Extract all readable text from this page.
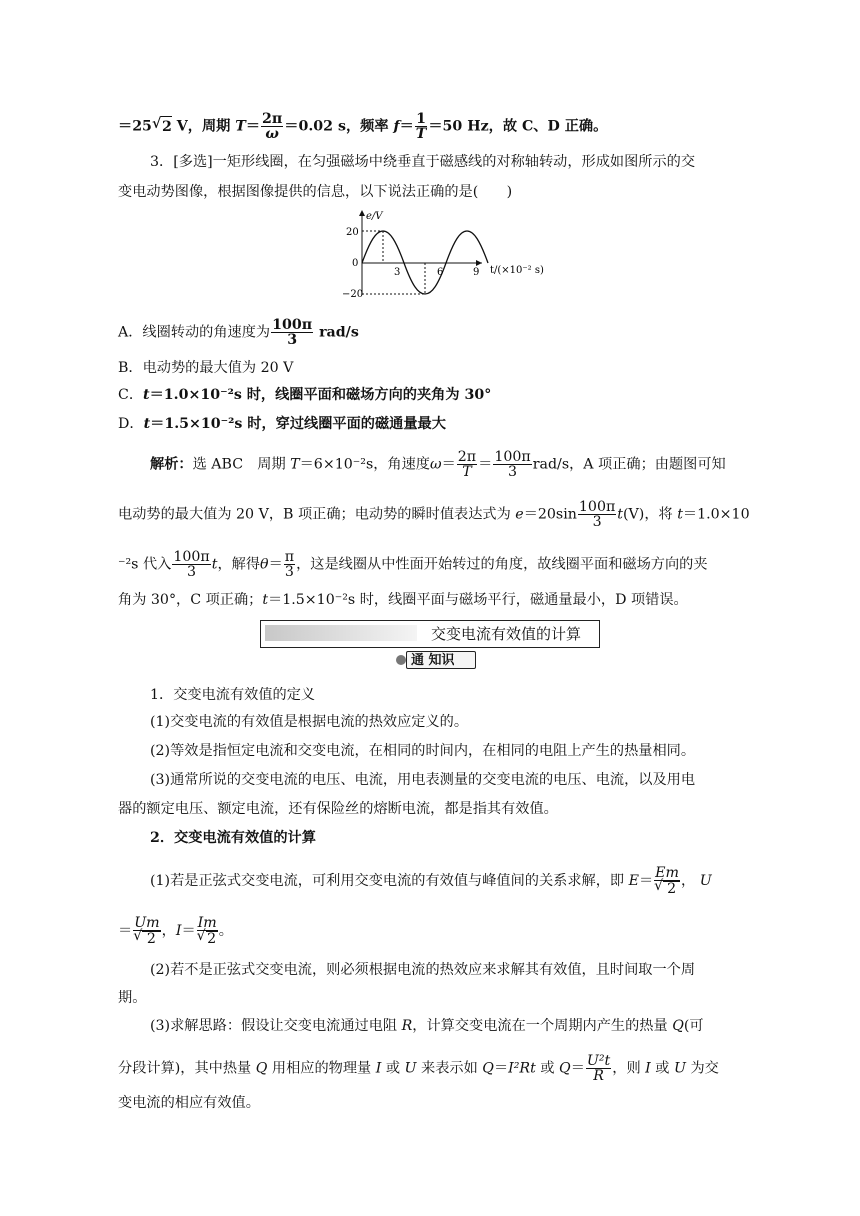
＝25√ 2 V，周期 $T= \frac{2\pi}{\omega} =0.02$ s，频率 $f= \frac{1}{T} =50$ Hz，故 C、D 正确。
3．[多选]一矩形线圈，在匀强磁场中绕垂直于磁感线的对称轴转动，形成如图所示的交
变电动势图像，根据图像提供的信息，以下说法正确的是(　　)
e/V
20
0
−20
3	6	9 t/(×10⁻² s)
A．线圈转动的角速度为 $\frac{100\pi}{3} rad/s$
B．电动势的最大值为 20 V
C．t＝1.0×10⁻²s 时，线圈平面和磁场方向的夹角为 30°
D．t＝1.5×10⁻²s 时，穿过线圈平面的磁通量最大
解析：选 ABC　周期 T＝6×10⁻²s，角速度$\omega= \frac{2\pi}{T} = \frac{100\pi}{3} rad/s$，A 项正确；由题图可知
电动势的最大值为 20 V，B 项正确；电动势的瞬时值表达式为 $e=20\sin \frac{100\pi}{3} t(V)$，将 t＝1.0×10
⁻²s 代入 $\frac{100\pi}{3}$ t，解得$\theta= \frac{\pi}{3}$ ，这是线圈从中性面开始转过的角度，故线圈平面和磁场方向的夹
角为 30°，C 项正确；t＝1.5×10⁻²s 时，线圈平面与磁场平行，磁通量最小，D 项错误。
交变电流有效值的计算
通 知识
1．交变电流有效值的定义
(1)交变电流的有效值是根据电流的热效应定义的。
(2)等效是指恒定电流和交变电流，在相同的时间内，在相同的电阻上产生的热量相同。
(3)通常所说的交变电流的电压、电流，用电表测量的交变电流的电压、电流，以及用电
器的额定电压、额定电流，还有保险丝的熔断电流，都是指其有效值。
2．交变电流有效值的计算
(1)若是正弦式交变电流，可利用交变电流的有效值与峰值间的关系求解，即 E＝ Em
√ 2 ， U
＝ Um
√ 2 ，I＝ Im
√ 2 。
(2)若不是正弦式交变电流，则必须根据电流的热效应来求解其有效值，且时间取一个周
期。
(3)求解思路：假设让交变电流通过电阻 R，计算交变电流在一个周期内产生的热量 Q(可
分段计算)，其中热量 Q 用相应的物理量 I 或 U 来表示如 Q＝I²Rt 或 $Q= \frac{\text{U²t}}{R}$ ，则 I 或 U 为交
变电流的相应有效值。
